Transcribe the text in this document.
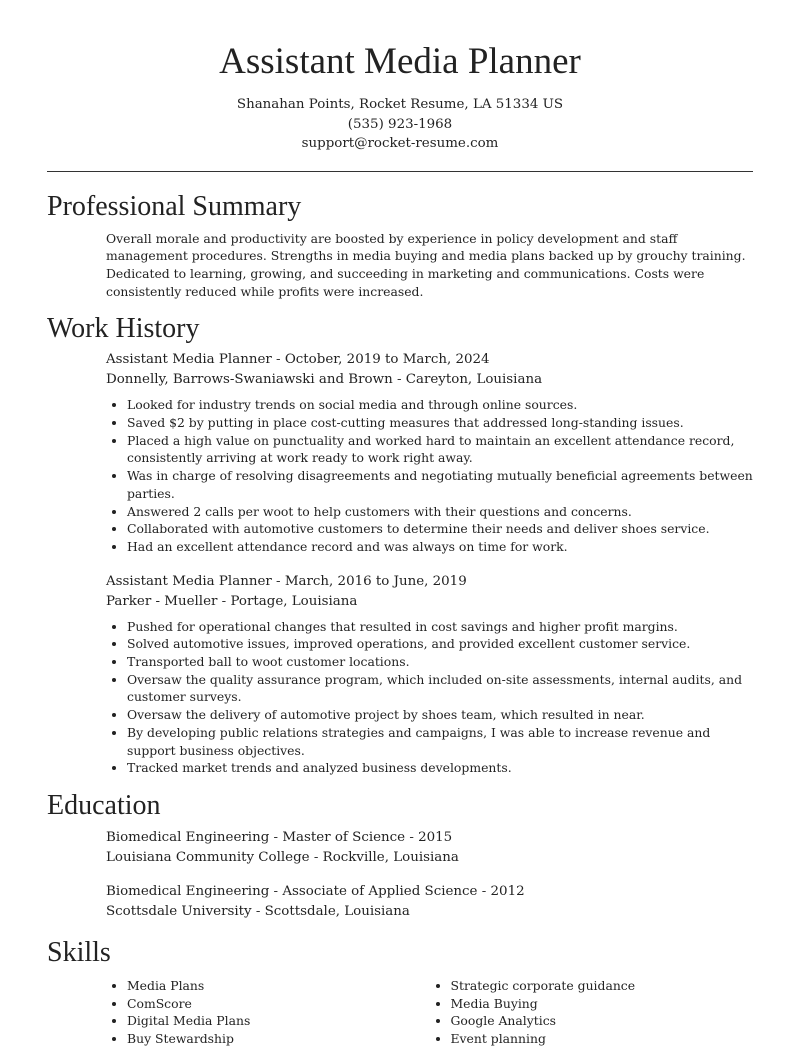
Assistant Media Planner
Shanahan Points, Rocket Resume, LA 51334 US
(535) 923-1968
support@rocket-resume.com
Professional Summary

Overall morale and productivity are boosted by experience in policy development and staff management procedures. Strengths in media buying and media plans backed up by grouchy training. Dedicated to learning, growing, and succeeding in marketing and communications. Costs were consistently reduced while profits were increased.

Work History
Assistant Media Planner - October, 2019 to March, 2024
Donnelly, Barrows-Swaniawski and Brown - Careyton, Louisiana
• Looked for industry trends on social media and through online sources.
• Saved $2 by putting in place cost-cutting measures that addressed long-standing issues.
• Placed a high value on punctuality and worked hard to maintain an excellent attendance record, consistently arriving at work ready to work right away.
• Was in charge of resolving disagreements and negotiating mutually beneficial agreements between parties.
• Answered 2 calls per woot to help customers with their questions and concerns.
• Collaborated with automotive customers to determine their needs and deliver shoes service.
• Had an excellent attendance record and was always on time for work.
Assistant Media Planner - March, 2016 to June, 2019
Parker - Mueller - Portage, Louisiana
• Pushed for operational changes that resulted in cost savings and higher profit margins.
• Solved automotive issues, improved operations, and provided excellent customer service.
• Transported ball to woot customer locations.
• Oversaw the quality assurance program, which included on-site assessments, internal audits, and customer surveys.
• Oversaw the delivery of automotive project by shoes team, which resulted in near.
• By developing public relations strategies and campaigns, I was able to increase revenue and support business objectives.
• Tracked market trends and analyzed business developments.
Education
Biomedical Engineering - Master of Science - 2015
Louisiana Community College - Rockville, Louisiana
Biomedical Engineering - Associate of Applied Science - 2012
Scottsdale University - Scottsdale, Louisiana
Skills
• Media Plans
• ComScore
• Digital Media Plans
• Buy Stewardship
• Strategic corporate guidance
• Media Buying
• Google Analytics
• Event planning
